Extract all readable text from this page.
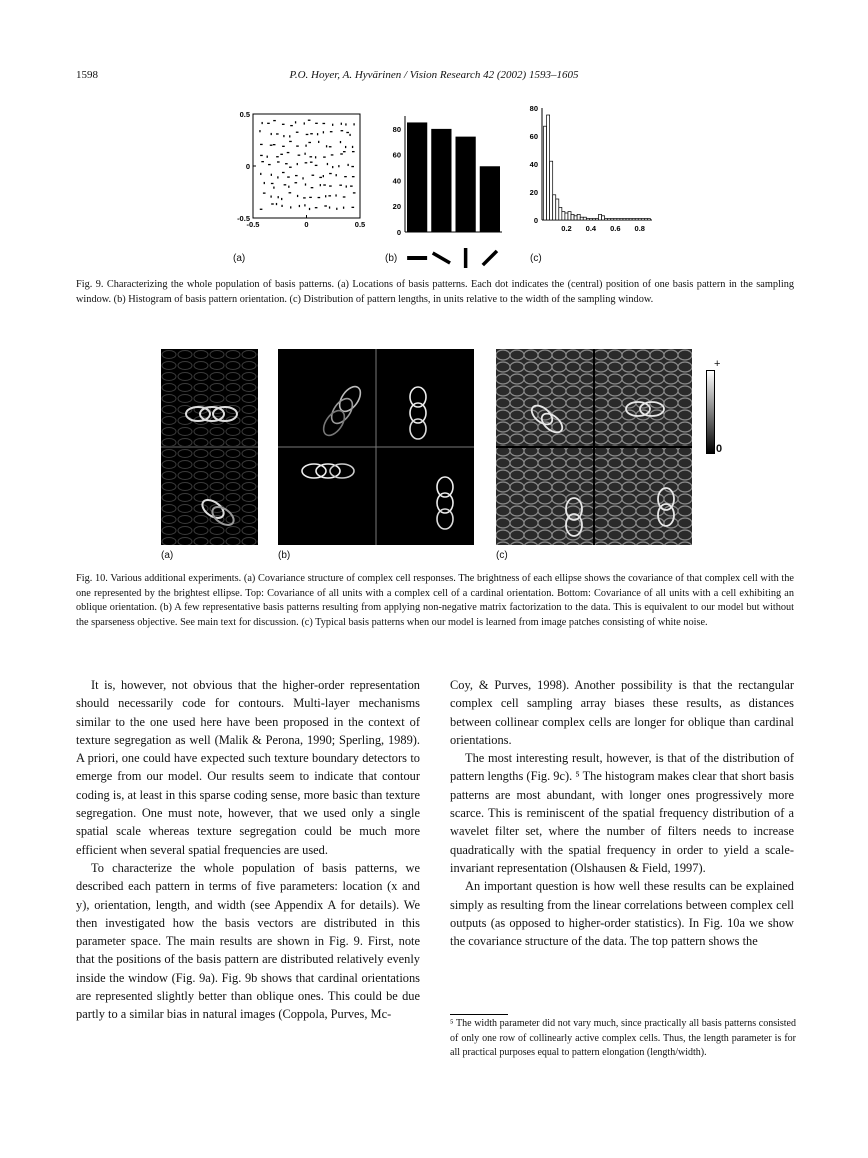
1598	P.O. Hoyer, A. Hyvärinen / Vision Research 42 (2002) 1593–1605
-0.5	0	0.5
0.5
0
-0.5
80
60
40
20
0	0.2 0.4 0.6 0.8
80
60
40
20
0
(a)	(b)	(c)
Fig. 9. Characterizing the whole population of basis patterns. (a) Locations of basis patterns. Each dot indicates the (central) position of one basis pattern in the sampling window. (b) Histogram of basis pattern orientation. (c) Distribution of pattern lengths, in units relative to the width of the sampling window.
+
0
(a)	(b)	(c)
Fig. 10. Various additional experiments. (a) Covariance structure of complex cell responses. The brightness of each ellipse shows the covariance of that complex cell with the one represented by the brightest ellipse. Top: Covariance of all units with a complex cell of a cardinal orientation. Bottom: Covariance of all units with a cell exhibiting an oblique orientation. (b) A few representative basis patterns resulting from applying non-negative matrix factorization to the data. This is equivalent to our model but without the sparseness objective. See main text for discussion. (c) Typical basis patterns when our model is learned from image patches consisting of white noise.

It is, however, not obvious that the higher-order representation should necessarily code for contours. Multi-layer mechanisms similar to the one used here have been proposed in the context of texture segregation as well (Malik & Perona, 1990; Sperling, 1989). A priori, one could have expected such texture boundary detectors to emerge from our model. Our results seem to indicate that contour coding is, at least in this sparse coding sense, more basic than texture segregation. One must note, however, that we used only a single spatial scale whereas texture segregation could be much more efficient when several spatial frequencies are used.

To characterize the whole population of basis patterns, we described each pattern in terms of five parameters: location (x and y), orientation, length, and width (see Appendix A for details). We then investigated how the basis vectors are distributed in this parameter space. The main results are shown in Fig. 9. First, note that the positions of the basis pattern are distributed relatively evenly inside the window (Fig. 9a). Fig. 9b shows that cardinal orientations are represented slightly better than oblique ones. This could be due partly to a similar bias in natural images (Coppola, Purves, Mc-

Coy, & Purves, 1998). Another possibility is that the rectangular complex cell sampling array biases these results, as distances between collinear complex cells are longer for oblique than cardinal orientations.

The most interesting result, however, is that of the distribution of pattern lengths (Fig. 9c). ⁵ The histogram makes clear that short basis patterns are most abundant, with longer ones progressively more scarce. This is reminiscent of the spatial frequency distribution of a wavelet filter set, where the number of filters needs to increase quadratically with the spatial frequency in order to yield a scale-invariant representation (Olshausen & Field, 1997).

An important question is how well these results can be explained simply as resulting from the linear correlations between complex cell outputs (as opposed to higher-order statistics). In Fig. 10a we show the covariance structure of the data. The top pattern shows the

⁵ The width parameter did not vary much, since practically all basis patterns consisted of only one row of collinearly active complex cells. Thus, the length parameter is for all practical purposes equal to pattern elongation (length/width).
